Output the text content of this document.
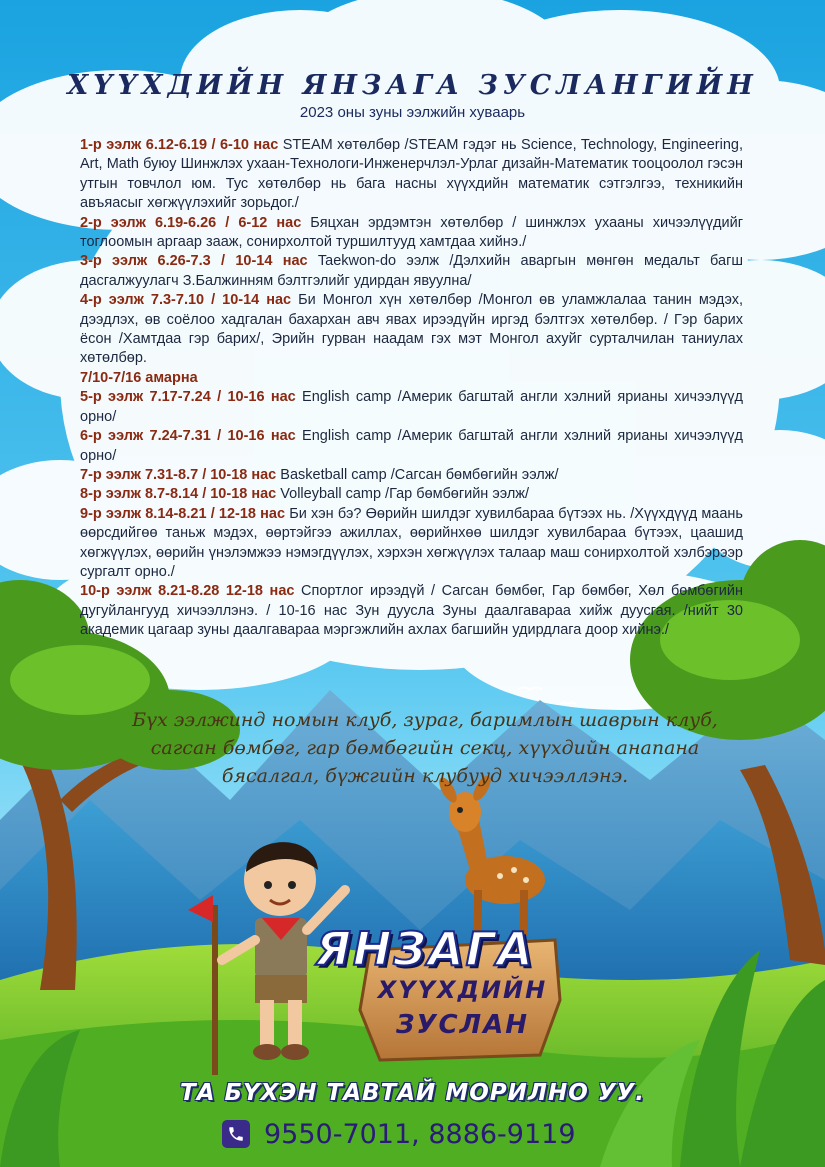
ХҮҮХДИЙН ЯНЗАГА ЗУСЛАНГИЙН
2023 оны зуны ээлжийн хуваарь

1-р ээлж 6.12-6.19 / 6-10 нас STEAM хөтөлбөр /STEAM гэдэг нь Science, Technology, Engineering, Art, Math буюу Шинжлэх ухаан-Технологи-Инженерчлэл-Урлаг дизайн-Математик тооцоолол гэсэн утгын товчлол юм. Тус хөтөлбөр нь бага насны хүүхдийн математик сэтгэлгээ, техникийн авъяасыг хөгжүүлэхийг зорьдог./

2-р ээлж 6.19-6.26 / 6-12 нас Бяцхан эрдэмтэн хөтөлбөр / шинжлэх ухааны хичээлүүдийг тоглоомын аргаар зааж, сонирхолтой туршилтууд хамтдаа хийнэ./

3-р ээлж 6.26-7.3 / 10-14 нас Taekwon-do ээлж /Дэлхийн аваргын мөнгөн медальт багш дасгалжуулагч З.Балжинням бэлтгэлийг удирдан явуулна/

4-р ээлж 7.3-7.10 / 10-14 нас Би Монгол хүн хөтөлбөр /Монгол өв уламжлалаа танин мэдэх, дээдлэх, өв соёлоо хадгалан бахархан авч явах ирээдүйн иргэд бэлтгэх хөтөлбөр. / Гэр барих ёсон /Хамтдаа гэр барих/, Эрийн гурван наадам гэх мэт Монгол ахуйг сурталчилан таниулах хөтөлбөр.

7/10-7/16 амарна

5-р ээлж 7.17-7.24 / 10-16 нас English camp /Америк багштай англи хэлний ярианы хичээлүүд орно/

6-р ээлж 7.24-7.31 / 10-16 нас English camp /Америк багштай англи хэлний ярианы хичээлүүд орно/

7-р ээлж 7.31-8.7 / 10-18 нас Basketball camp /Сагсан бөмбөгийн ээлж/

8-р ээлж 8.7-8.14 / 10-18 нас Volleyball camp /Гар бөмбөгийн ээлж/

9-р ээлж 8.14-8.21 / 12-18 нас Би хэн бэ? Өөрийн шилдэг хувилбараа бүтээх нь. /Хүүхдүүд маань өөрсдийгөө таньж мэдэх, өөртэйгээ ажиллах, өөрийнхөө шилдэг хувилбараа бүтээх, цаашид хөгжүүлэх, өөрийн үнэлэмжээ нэмэгдүүлэх, хэрхэн хөгжүүлэх талаар маш сонирхолтой хэлбэрээр сургалт орно./

10-р ээлж 8.21-8.28 12-18 нас Спортлог ирээдүй / Сагсан бөмбөг, Гар бөмбөг, Хөл бөмбөгийн дугуйлангууд хичээллэнэ. / 10-16 нас Зун дуусла Зуны даалгавараа хийж дуусгая. /нийт 30 академик цагаар зуны даалгавараа мэргэжлийн ахлах багшийн удирдлага доор хийнэ./

Бүх ээлжинд номын клуб, зураг, баримлын шаврын клуб, сагсан бөмбөг, гар бөмбөгийн секц, хүүхдийн анапана бясалгал, бүжгийн клубууд хичээллэнэ.
ЯНЗАГА
ХҮҮХДИЙН
ЗУСЛАН
ТА БҮХЭН ТАВТАЙ МОРИЛНО УУ.
9550-7011, 8886-9119
